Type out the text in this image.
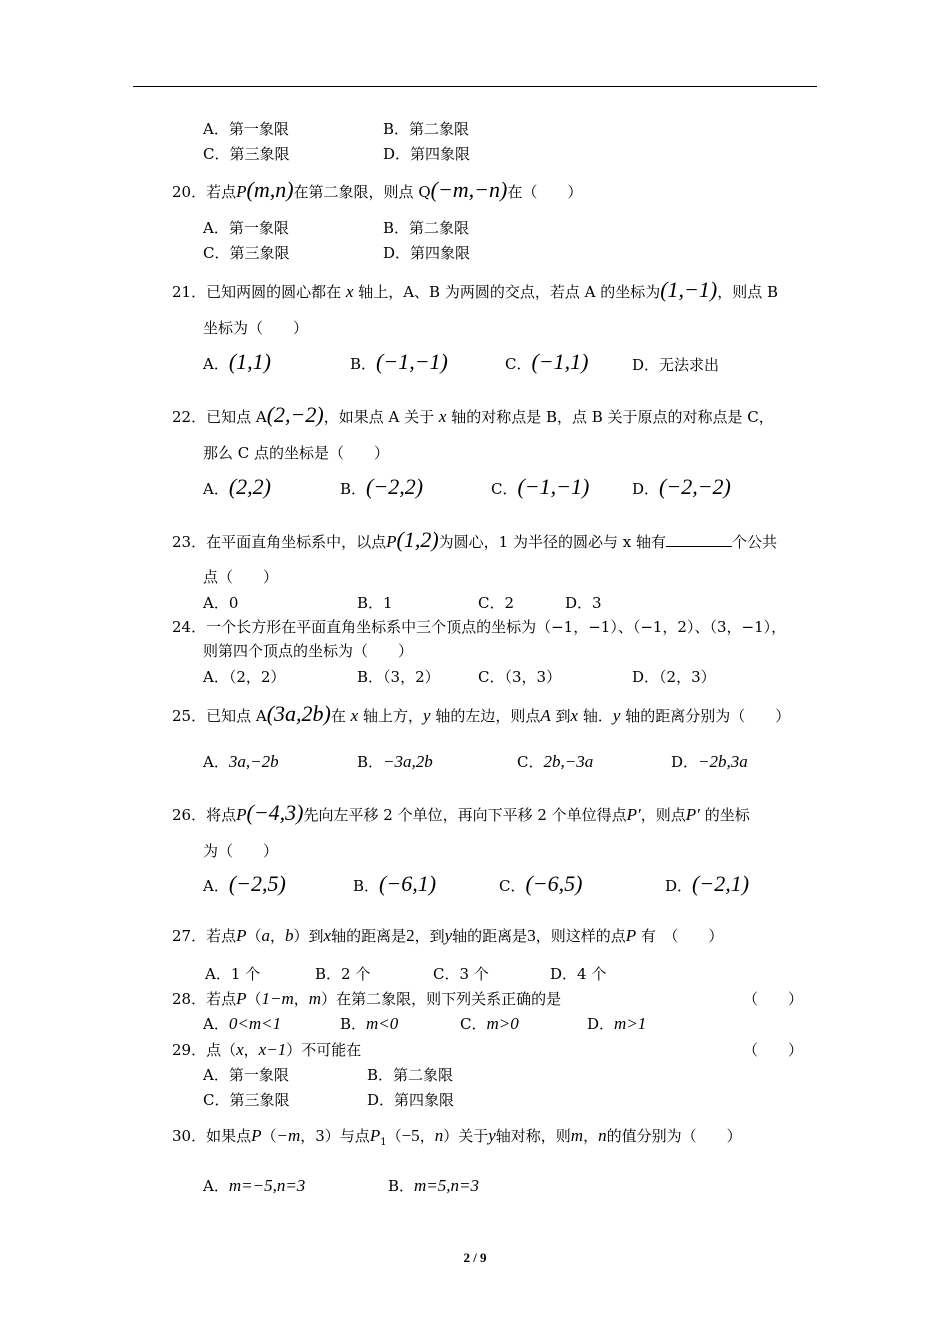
A．第一象限	B．第二象限
C．第三象限	D．第四象限
20．若点P(m,n)在第二象限，则点 Q(−m,−n)在（　　）
A．第一象限	B．第二象限
C．第三象限	D．第四象限
21．已知两圆的圆心都在 x 轴上，A、B 为两圆的交点，若点 A 的坐标为(1,−1)，则点 B
坐标为（　　）
A．(1,1)	B．(−1,−1)	C．(−1,1)	D．无法求出
22．已知点 A(2,−2)，如果点 A 关于 x 轴的对称点是 B，点 B 关于原点的对称点是 C，
那么 C 点的坐标是（　　）
A．(2,2)	B．(−2,2)	C．(−1,−1)	D．(−2,−2)
23．在平面直角坐标系中，以点P(1,2)为圆心，1 为半径的圆必与 x 轴有	个公共
点（　　）
A．0	B．1	C．2	D．3
24．一个长方形在平面直角坐标系中三个顶点的坐标为（−1，−1）、（−1，2）、（3，−1），
则第四个顶点的坐标为（　　）
A．（2，2）	B．（3，2）	C．（3，3）	D．（2，3）
25．已知点 A(3a,2b)在 x 轴上方，y 轴的左边，则点A 到x 轴．y 轴的距离分别为（　　）
A．3a,−2b	B．−3a,2b	C．2b,−3a	D．−2b,3a
26．将点P(−4,3)先向左平移 2 个单位，再向下平移 2 个单位得点P′，则点P′ 的坐标
为（　　）
A．(−2,5)	B．(−6,1)	C．(−6,5)	D．(−2,1)
27．若点P（a，b）到x轴的距离是2，到y轴的距离是3，则这样的点P 有　（　　）
A．1 个	B．2 个	C．3 个	D．4 个
28．若点P（1−m，m）在第二象限，则下列关系正确的是	（　　）
A．0<m<1	B．m<0	C．m>0	D．m>1
29．点（x，x−1）不可能在	（　　）
A．第一象限	B．第二象限
C．第三象限	D．第四象限
30．如果点P（−m，3）与点$P_1(-5$，n）关于y轴对称，则m，n的值分别为（　　）
A．m=−5,n=3	B．m=5,n=3
2 / 9
